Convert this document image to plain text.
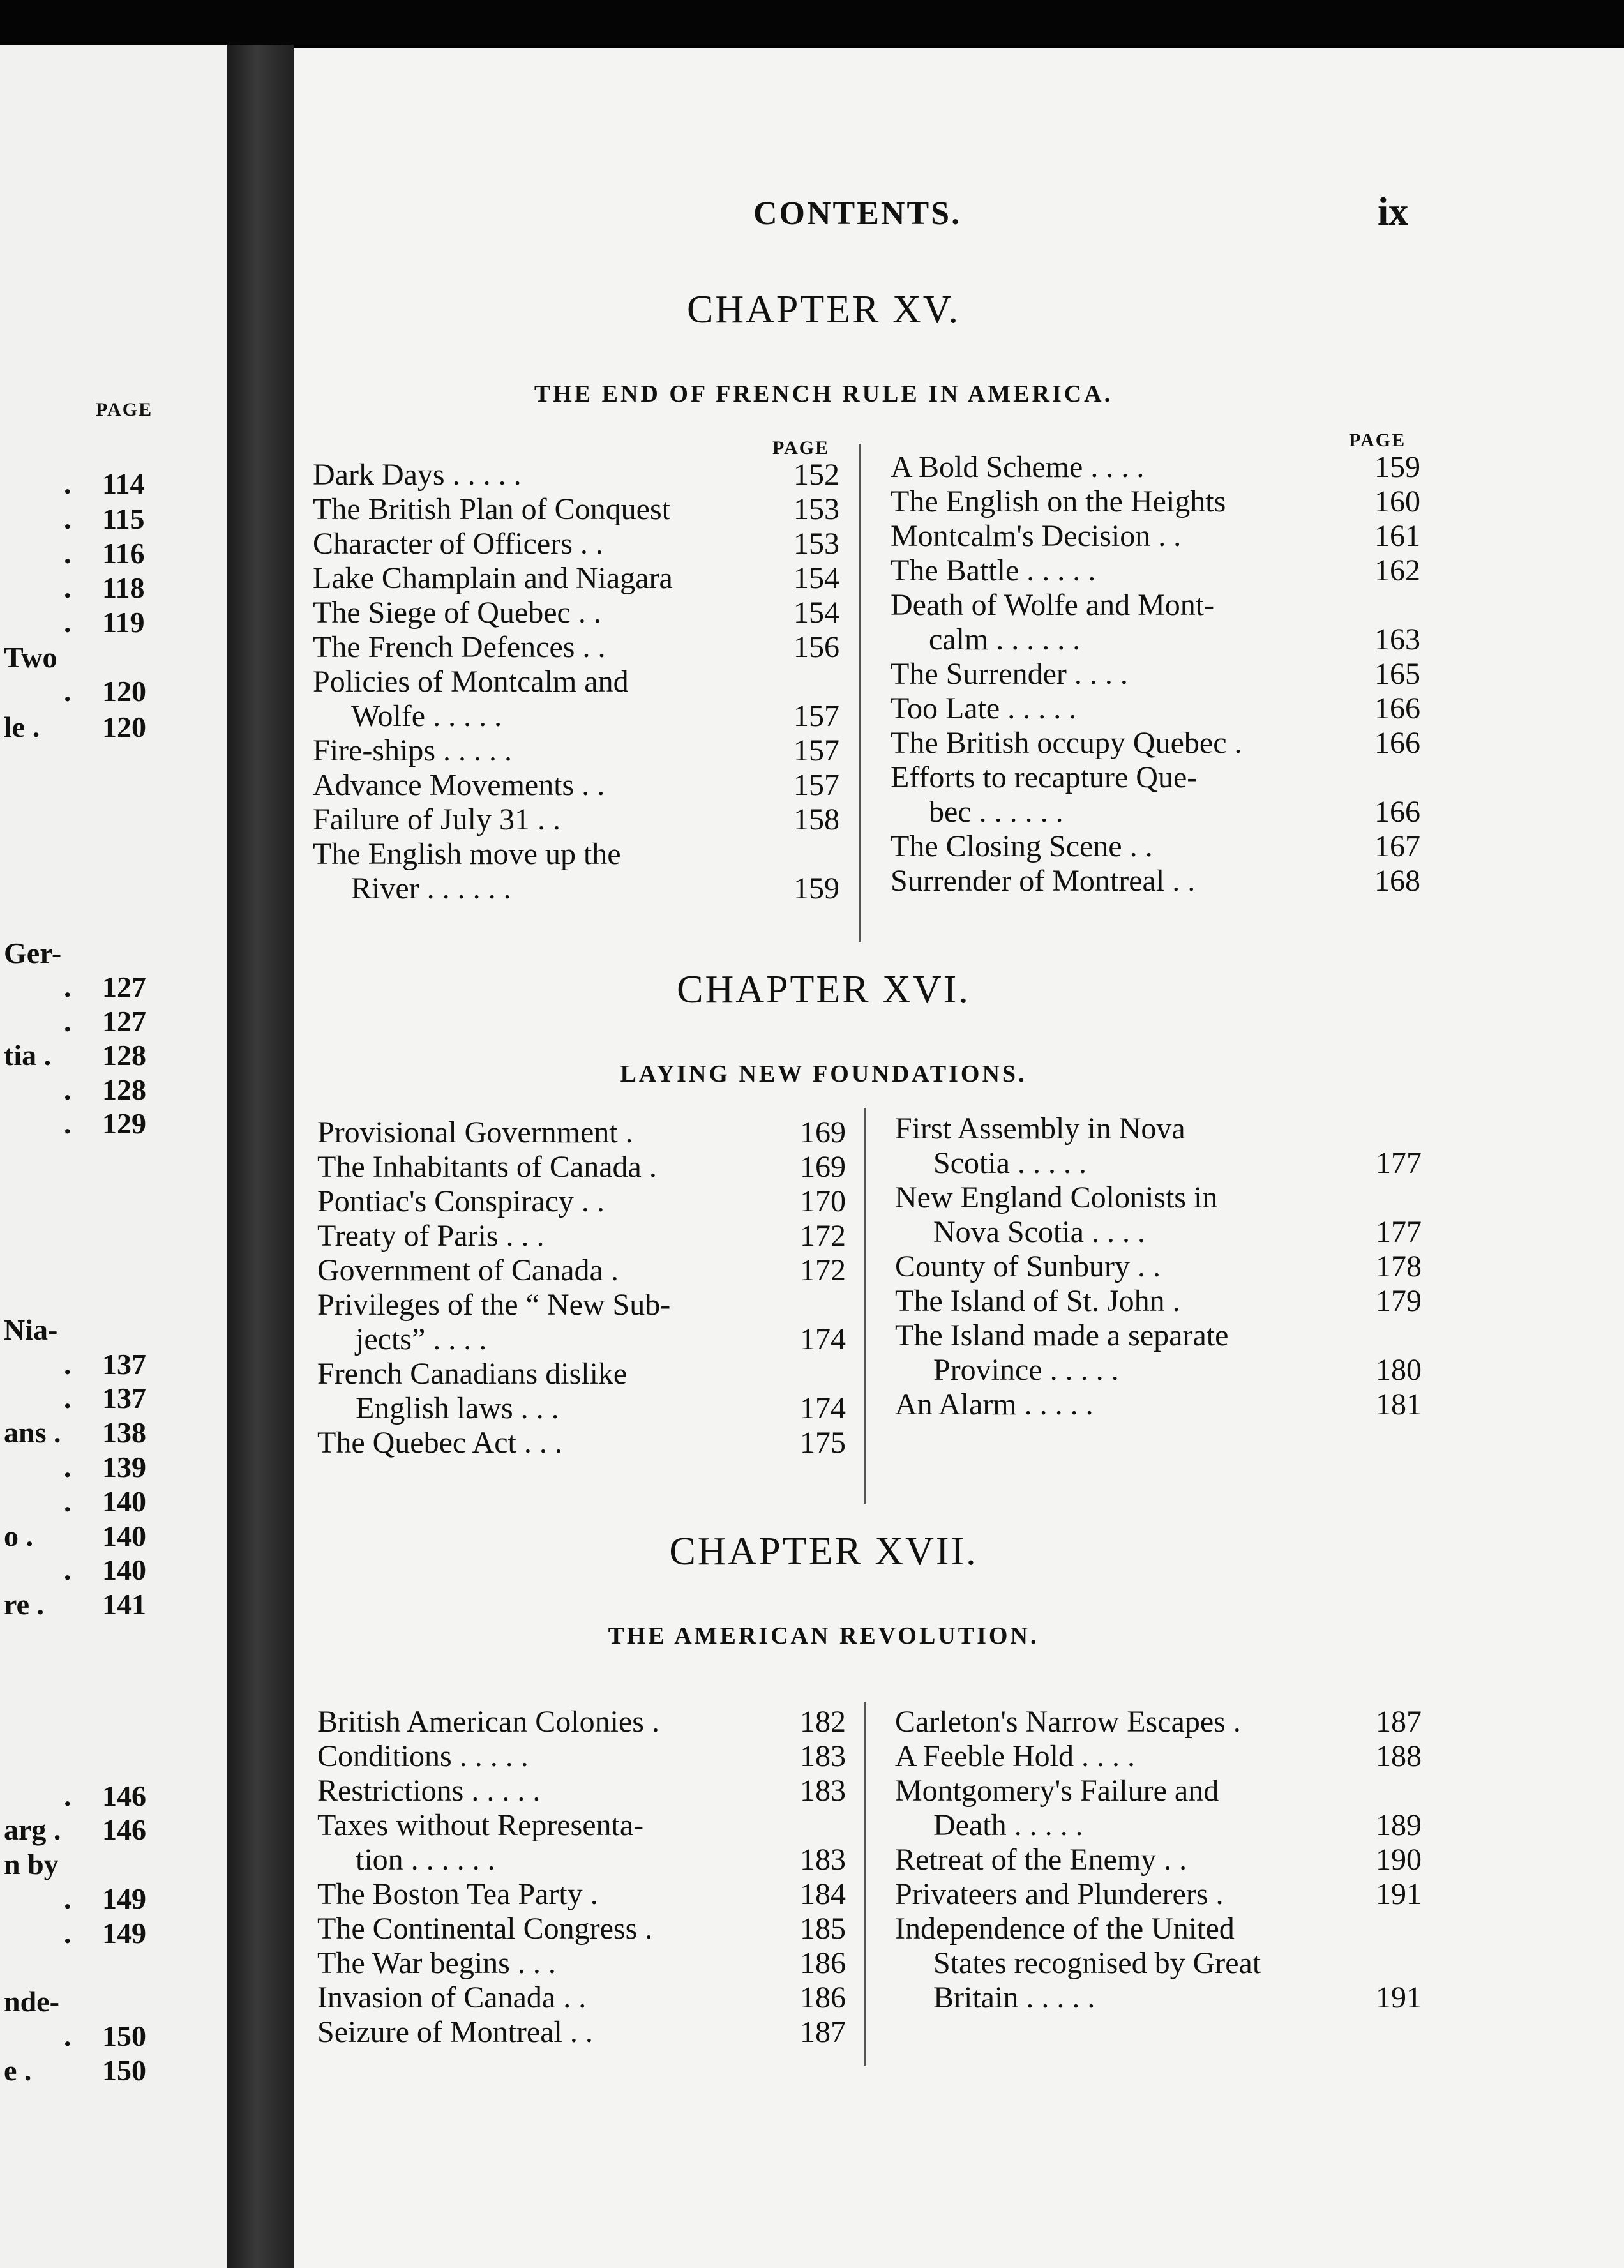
PAGE
. 114
. 115
. 116
. 118
. 119
Two
. 120
le . 120
Ger-
. 127
. 127
tia . 128
. 128
. 129
Nia-
. 137
. 137
ans . 138
. 139
. 140
o . 140
. 140
re . 141
. 146
arg . 146
n by
. 149
. 149
nde-
. 150
e . 150
CONTENTS.	ix
CHAPTER XV.
THE END OF FRENCH RULE IN AMERICA.
PAGE	PAGE
Dark Days . . . . .	152
The British Plan of Conquest	153
Character of Officers . .	153
Lake Champlain and Niagara	154
The Siege of Quebec . .	154
The French Defences . .	156
Policies of Montcalm and
Wolfe . . . . .	157
Fire-ships . . . . .	157
Advance Movements . .	157
Failure of July 31 . .	158
The English move up the
River . . . . . .	159
A Bold Scheme . . . .	159
The English on the Heights	160
Montcalm's Decision . .	161
The Battle . . . . .	162
Death of Wolfe and Mont-
calm . . . . . .	163
The Surrender . . . .	165
Too Late . . . . .	166
The British occupy Quebec .	166
Efforts to recapture Que-
bec . . . . . .	166
The Closing Scene . .	167
Surrender of Montreal . .	168
CHAPTER XVI.
LAYING NEW FOUNDATIONS.
Provisional Government .	169
The Inhabitants of Canada .	169
Pontiac's Conspiracy . .	170
Treaty of Paris . . .	172
Government of Canada .	172
Privileges of the “ New Sub-
jects” . . . .	174
French Canadians dislike
English laws . . .	174
The Quebec Act . . .	175
First Assembly in Nova
Scotia . . . . .	177
New England Colonists in
Nova Scotia . . . .	177
County of Sunbury . .	178
The Island of St. John .	179
The Island made a separate
Province . . . . .	180
An Alarm . . . . .	181
CHAPTER XVII.
THE AMERICAN REVOLUTION.
British American Colonies .	182
Conditions . . . . .	183
Restrictions . . . . .	183
Taxes without Representa-
tion . . . . . .	183
The Boston Tea Party .	184
The Continental Congress .	185
The War begins . . .	186
Invasion of Canada . .	186
Seizure of Montreal . .	187
Carleton's Narrow Escapes .	187
A Feeble Hold . . . .	188
Montgomery's Failure and
Death . . . . .	189
Retreat of the Enemy . .	190
Privateers and Plunderers .	191
Independence of the United
States recognised by Great
Britain . . . . .	191
